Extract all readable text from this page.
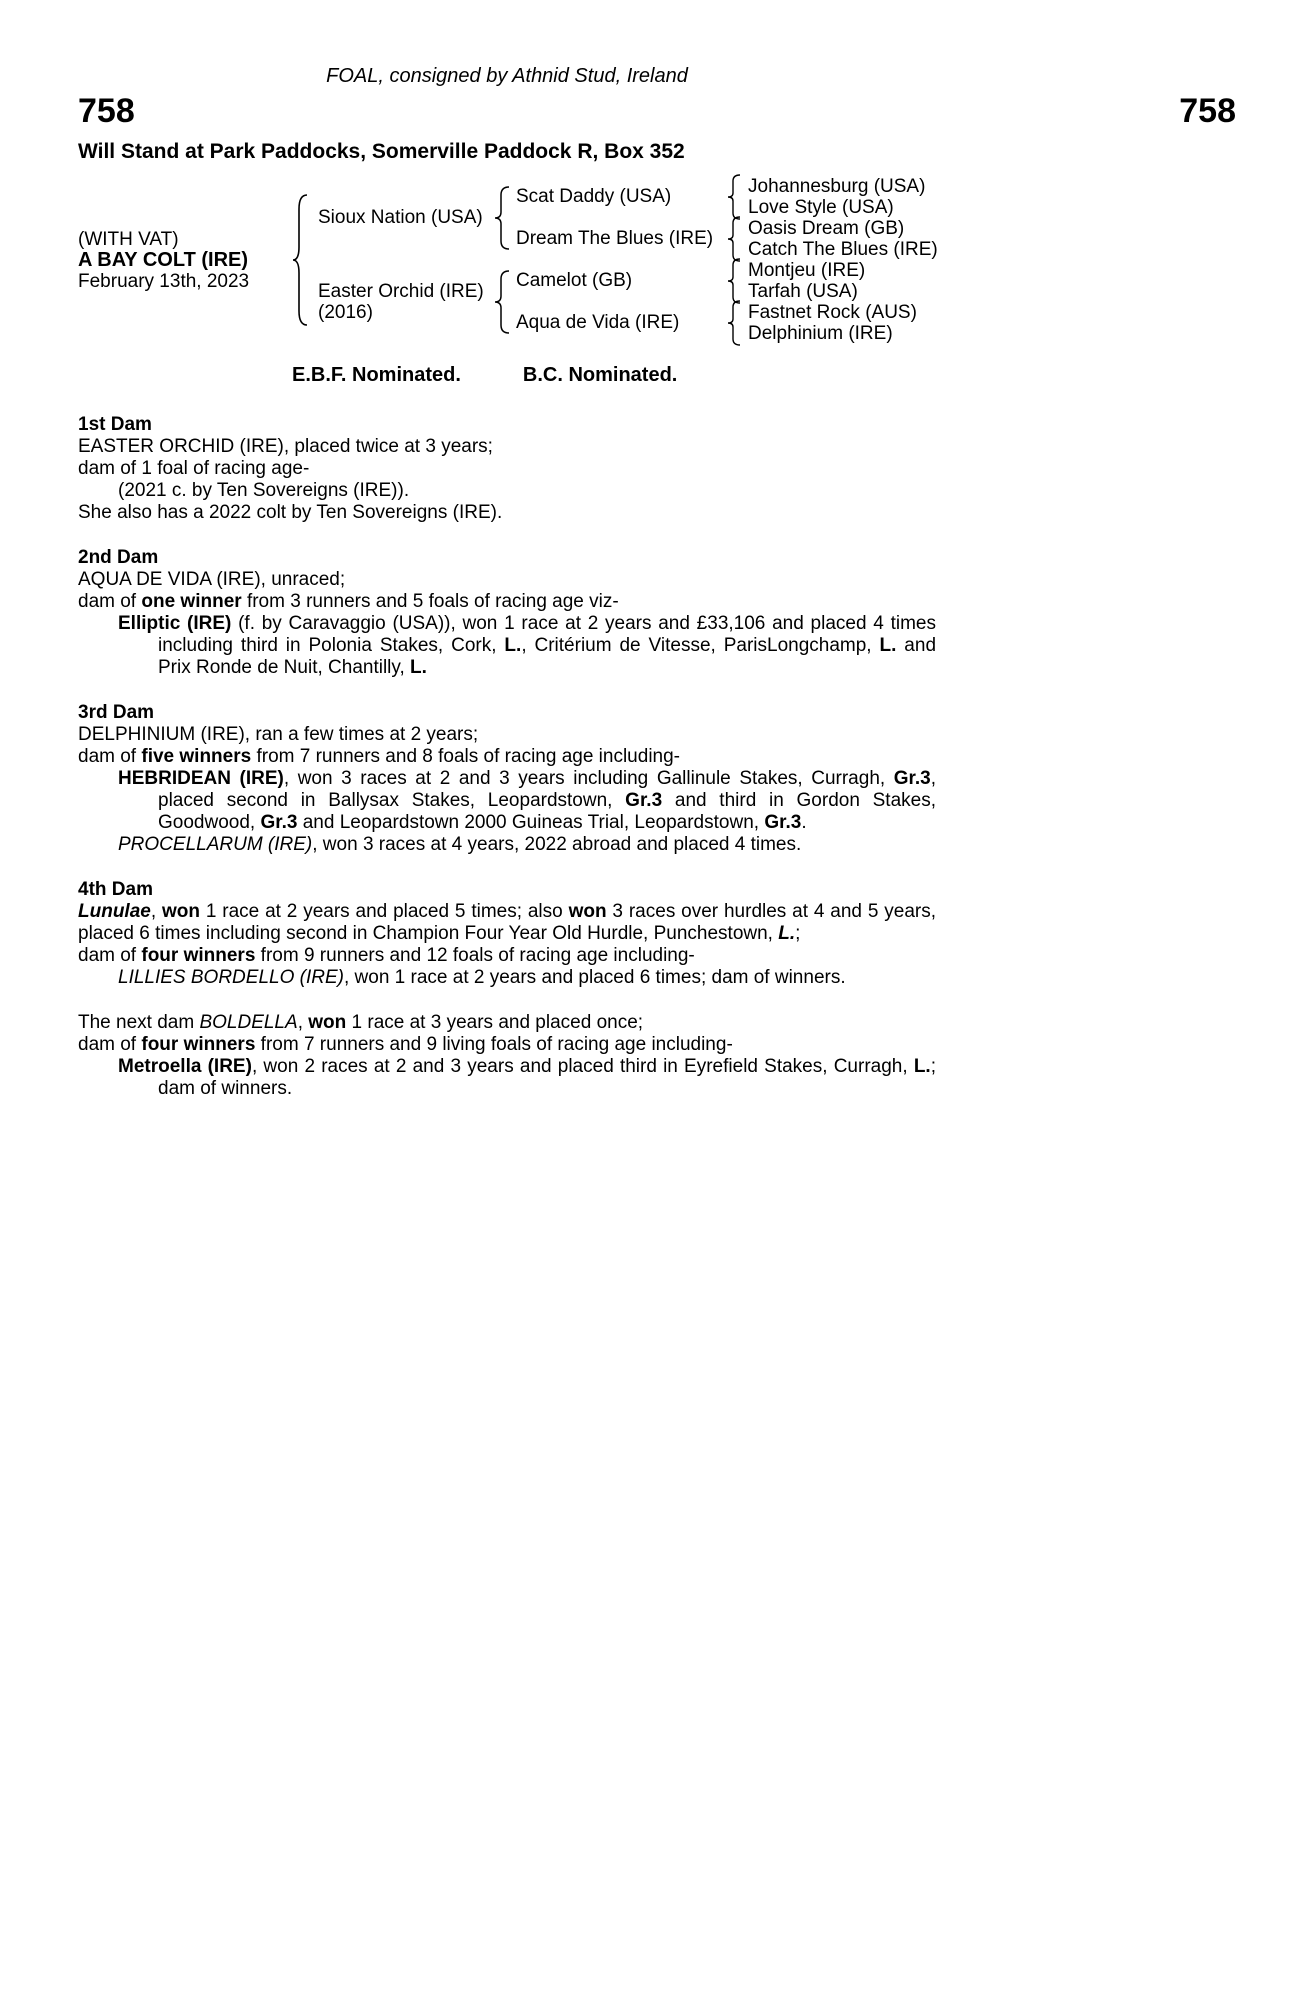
FOAL, consigned by Athnid Stud, Ireland
758	758
Will Stand at Park Paddocks, Somerville Paddock R, Box 352
(WITH VAT)
A BAY COLT (IRE)
February 13th, 2023
Sioux Nation (USA)
Easter Orchid (IRE)
(2016)
Scat Daddy (USA)
Dream The Blues (IRE)
Camelot (GB)
Aqua de Vida (IRE)
Johannesburg (USA)
Love Style (USA)
Oasis Dream (GB)
Catch The Blues (IRE)
Montjeu (IRE)
Tarfah (USA)
Fastnet Rock (AUS)
Delphinium (IRE)
E.B.F. Nominated.	B.C. Nominated.

1st Dam

EASTER ORCHID (IRE), placed twice at 3 years;

dam of 1 foal of racing age-

(2021 c. by Ten Sovereigns (IRE)).

She also has a 2022 colt by Ten Sovereigns (IRE).

2nd Dam

AQUA DE VIDA (IRE), unraced;

dam of one winner from 3 runners and 5 foals of racing age viz-

Elliptic (IRE) (f. by Caravaggio (USA)), won 1 race at 2 years and £33,106 and placed 4 times including third in Polonia Stakes, Cork, L., Critérium de Vitesse, ParisLongchamp, L. and Prix Ronde de Nuit, Chantilly, L.

3rd Dam

DELPHINIUM (IRE), ran a few times at 2 years;

dam of five winners from 7 runners and 8 foals of racing age including-

HEBRIDEAN (IRE), won 3 races at 2 and 3 years including Gallinule Stakes, Curragh, Gr.3, placed second in Ballysax Stakes, Leopardstown, Gr.3 and third in Gordon Stakes, Goodwood, Gr.3 and Leopardstown 2000 Guineas Trial, Leopardstown, Gr.3.

PROCELLARUM (IRE), won 3 races at 4 years, 2022 abroad and placed 4 times.

4th Dam

Lunulae, won 1 race at 2 years and placed 5 times; also won 3 races over hurdles at 4 and 5 years, placed 6 times including second in Champion Four Year Old Hurdle, Punchestown, L.;

dam of four winners from 9 runners and 12 foals of racing age including-

LILLIES BORDELLO (IRE), won 1 race at 2 years and placed 6 times; dam of winners.

The next dam BOLDELLA, won 1 race at 3 years and placed once;

dam of four winners from 7 runners and 9 living foals of racing age including-

Metroella (IRE), won 2 races at 2 and 3 years and placed third in Eyrefield Stakes, Curragh, L.; dam of winners.
